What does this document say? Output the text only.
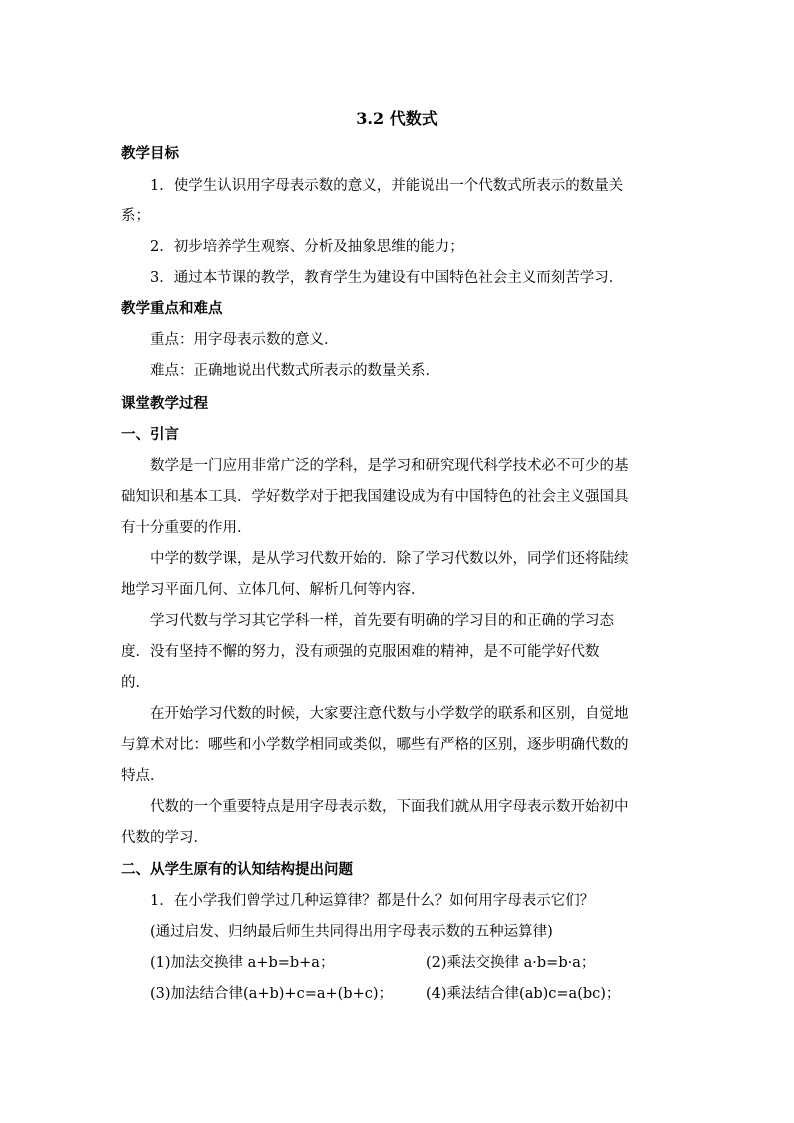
3.2 代数式
教学目标
1．使学生认识用字母表示数的意义，并能说出一个代数式所表示的数量关
系；
2．初步培养学生观察、分析及抽象思维的能力；
3．通过本节课的教学，教育学生为建设有中国特色社会主义而刻苦学习．
教学重点和难点
重点：用字母表示数的意义．
难点：正确地说出代数式所表示的数量关系．
课堂教学过程
一、引言
数学是一门应用非常广泛的学科，是学习和研究现代科学技术必不可少的基
础知识和基本工具．学好数学对于把我国建设成为有中国特色的社会主义强国具
有十分重要的作用．
中学的数学课，是从学习代数开始的．除了学习代数以外，同学们还将陆续
地学习平面几何、立体几何、解析几何等内容．
学习代数与学习其它学科一样，首先要有明确的学习目的和正确的学习态
度．没有坚持不懈的努力，没有顽强的克服困难的精神，是不可能学好代数
的．
在开始学习代数的时候，大家要注意代数与小学数学的联系和区别，自觉地
与算术对比：哪些和小学数学相同或类似，哪些有严格的区别，逐步明确代数的
特点．
代数的一个重要特点是用字母表示数，下面我们就从用字母表示数开始初中
代数的学习．
二、从学生原有的认知结构提出问题
1．在小学我们曾学过几种运算律？都是什么？如何用字母表示它们？
(通过启发、归纳最后师生共同得出用字母表示数的五种运算律)
(1)加法交换律 a+b=b+a；	(2)乘法交换律 a·b=b·a；
(3)加法结合律(a+b)+c=a+(b+c)；	(4)乘法结合律(ab)c=a(bc)；
